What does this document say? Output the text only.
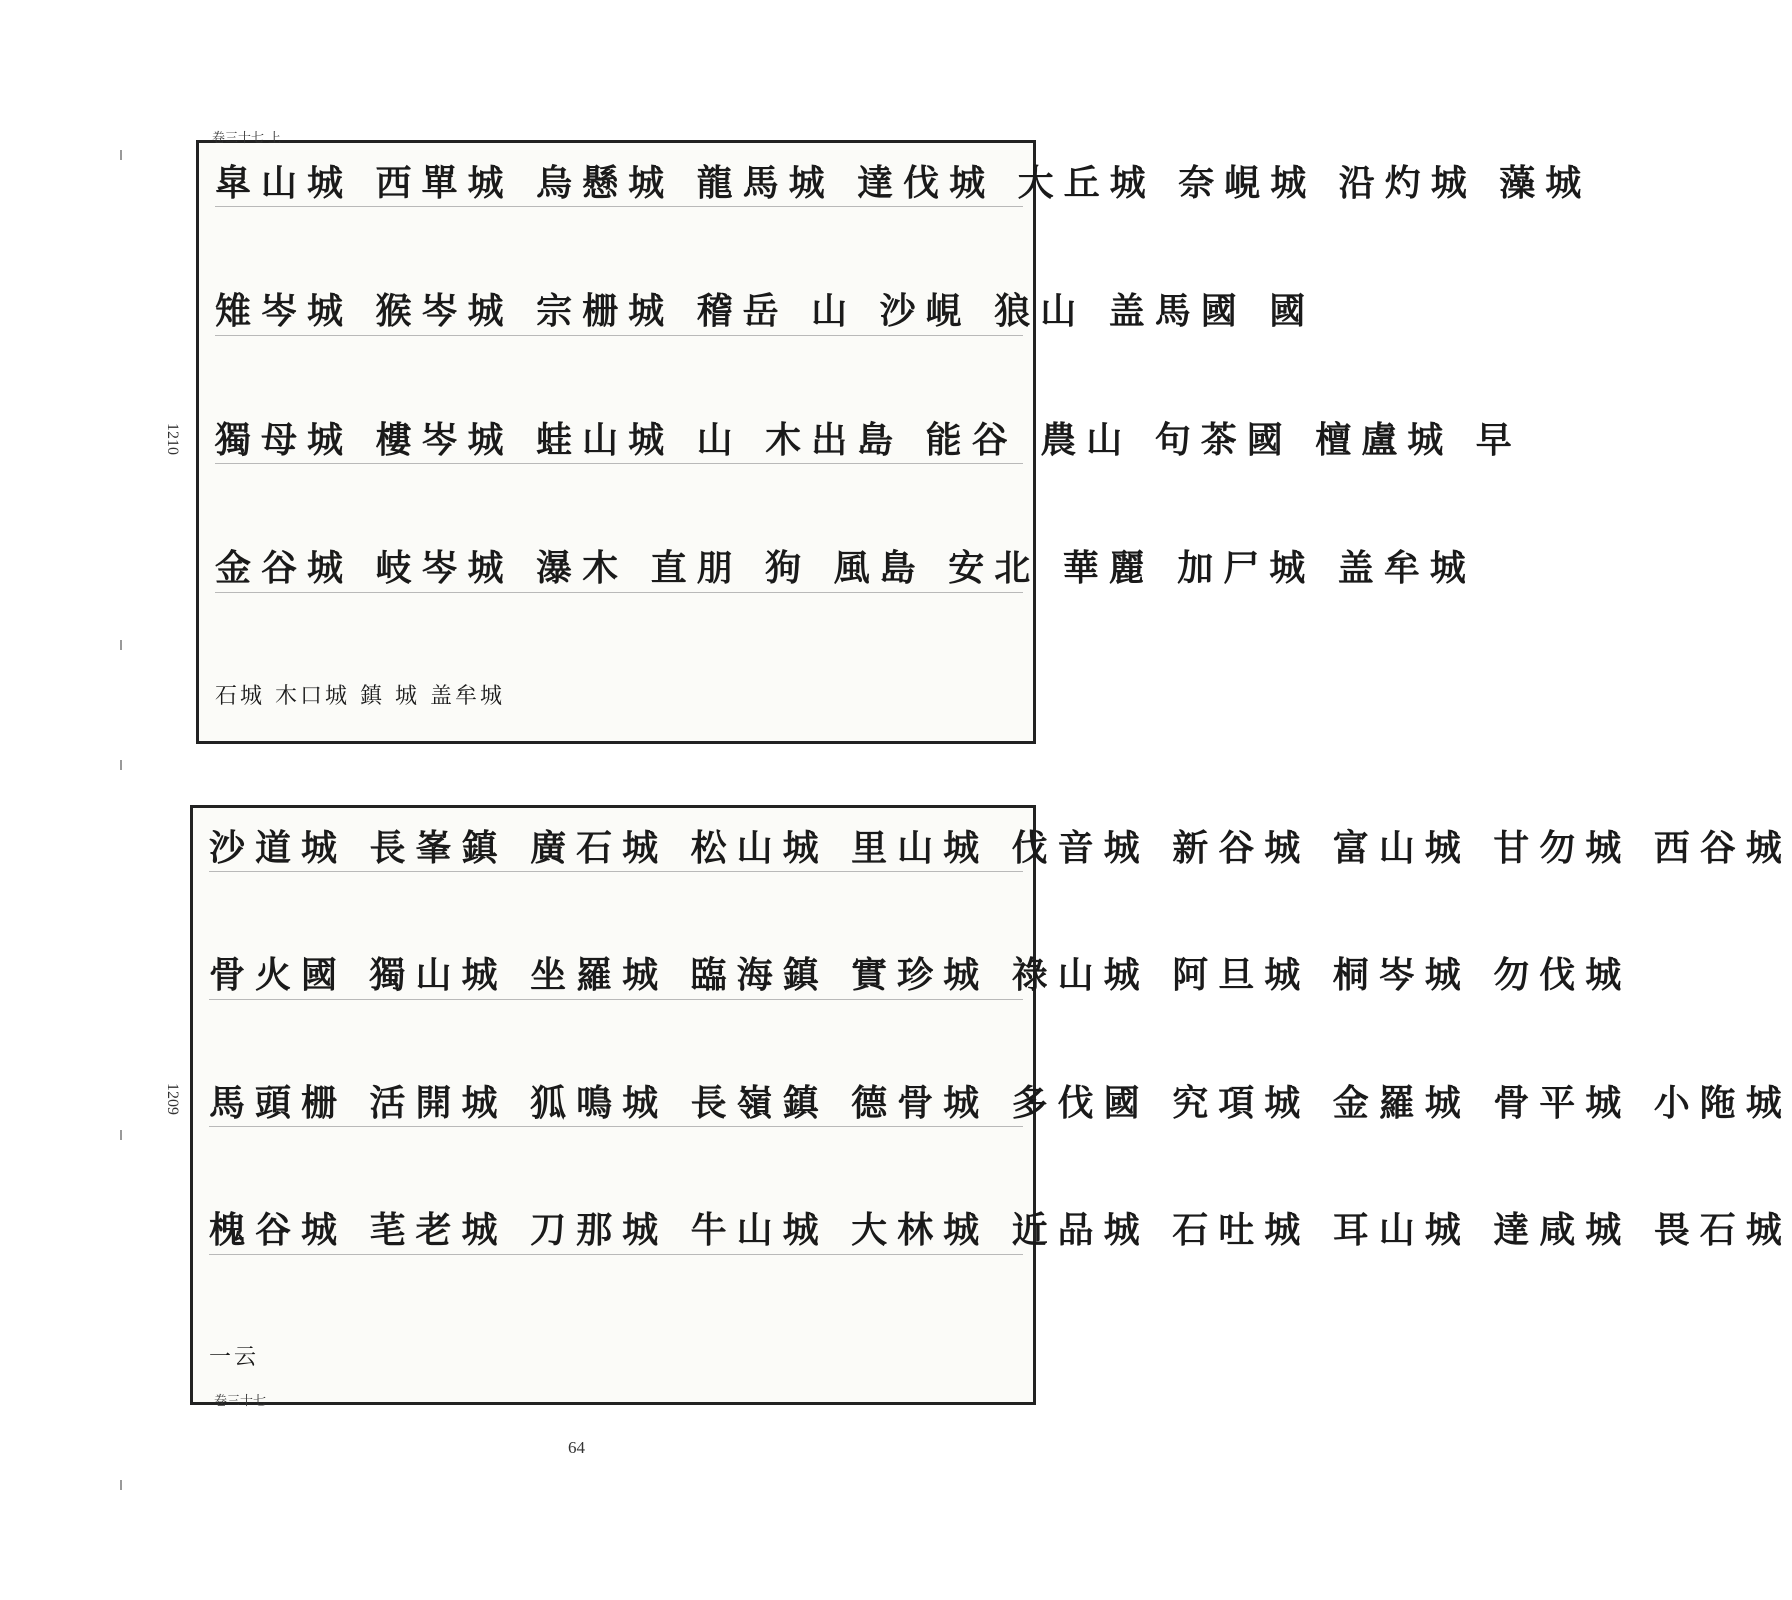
皐山城 西單城 烏懸城 龍馬城 達伐城 大丘城 奈峴城 沿灼城 藻城
雉岑城 猴岑城 ​宗栅城 稽岳 山 沙峴 狼山 盖馬國 ​國
獨母城 樓岑城 蛙山城 山 木出島 能谷 農山 句茶國 檀盧城 早
金谷城 岐岑城 瀑木 直朋 狗 風島 安北 華麗 加尸城 盖牟城
石城
木口城
鎮 城
盖牟城
沙道城 長峯鎮 廣石城 松山城 里山城 伐音城 新谷城 富山城 甘勿城 西谷城
骨火國 獨山城 坐羅城 臨海鎮 實珍城 祿山城 阿旦城 桐岑城 勿伐城
馬頭栅 活開城 狐鳴城 長嶺鎮 德骨城 多伐國 究項城 金羅城 骨平城 小陁城
槐谷城 芼老城 刀那城 牛山城 大林城 近品城 石吐城 耳山城 達咸城 畏石城
一云
卷三十七 上
卷三十七
1210
1209
64
